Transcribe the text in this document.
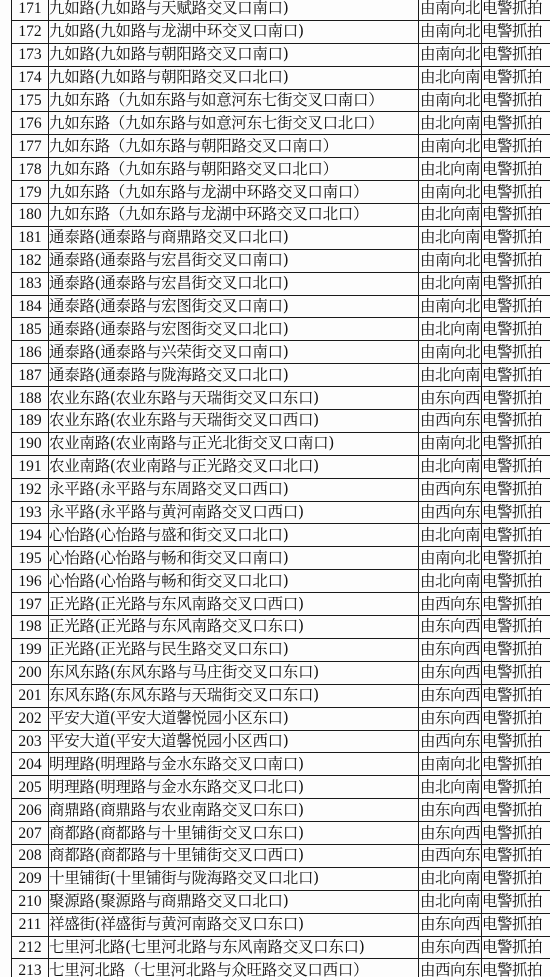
171	九如路(九如路与天赋路交叉口南口)	由南向北	电警抓拍
172	九如路(九如路与龙湖中环交叉口南口)	由南向北	电警抓拍
173	九如路(九如路与朝阳路交叉口南口)	由南向北	电警抓拍
174	九如路(九如路与朝阳路交叉口北口)	由北向南	电警抓拍
175	九如东路（九如东路与如意河东七街交叉口南口）	由南向北	电警抓拍
176	九如东路（九如东路与如意河东七街交叉口北口）	由北向南	电警抓拍
177	九如东路（九如东路与朝阳路交叉口南口）	由南向北	电警抓拍
178	九如东路（九如东路与朝阳路交叉口北口）	由北向南	电警抓拍
179	九如东路（九如东路与龙湖中环路交叉口南口）	由南向北	电警抓拍
180	九如东路（九如东路与龙湖中环路交叉口北口）	由北向南	电警抓拍
181	通泰路(通泰路与商鼎路交叉口北口)	由北向南	电警抓拍
182	通泰路(通泰路与宏昌街交叉口南口)	由南向北	电警抓拍
183	通泰路(通泰路与宏昌街交叉口北口)	由北向南	电警抓拍
184	通泰路(通泰路与宏图街交叉口南口)	由南向北	电警抓拍
185	通泰路(通泰路与宏图街交叉口北口)	由北向南	电警抓拍
186	通泰路(通泰路与兴荣街交叉口南口)	由南向北	电警抓拍
187	通泰路(通泰路与陇海路交叉口北口)	由北向南	电警抓拍
188	农业东路(农业东路与天瑞街交叉口东口)	由东向西	电警抓拍
189	农业东路(农业东路与天瑞街交叉口西口)	由西向东	电警抓拍
190	农业南路(农业南路与正光北街交叉口南口)	由南向北	电警抓拍
191	农业南路(农业南路与正光路交叉口北口)	由北向南	电警抓拍
192	永平路(永平路与东周路交叉口西口)	由西向东	电警抓拍
193	永平路(永平路与黄河南路交叉口西口)	由西向东	电警抓拍
194	心怡路(心怡路与盛和街交叉口北口)	由北向南	电警抓拍
195	心怡路(心怡路与畅和街交叉口南口)	由南向北	电警抓拍
196	心怡路(心怡路与畅和街交叉口北口)	由北向南	电警抓拍
197	正光路(正光路与东风南路交叉口西口)	由西向东	电警抓拍
198	正光路(正光路与东风南路交叉口东口)	由东向西	电警抓拍
199	正光路(正光路与民生路交叉口东口)	由东向西	电警抓拍
200	东风东路(东风东路与马庄街交叉口东口)	由东向西	电警抓拍
201	东风东路(东风东路与天瑞街交叉口东口)	由东向西	电警抓拍
202	平安大道(平安大道馨悦园小区东口)	由东向西	电警抓拍
203	平安大道(平安大道馨悦园小区西口)	由西向东	电警抓拍
204	明理路(明理路与金水东路交叉口南口)	由南向北	电警抓拍
205	明理路(明理路与金水东路交叉口北口)	由北向南	电警抓拍
206	商鼎路(商鼎路与农业南路交叉口东口)	由东向西	电警抓拍
207	商都路(商都路与十里铺街交叉口东口)	由东向西	电警抓拍
208	商都路(商都路与十里铺街交叉口西口)	由西向东	电警抓拍
209	十里铺街(十里铺街与陇海路交叉口北口)	由北向南	电警抓拍
210	聚源路(聚源路与商鼎路交叉口北口)	由北向南	电警抓拍
211	祥盛街(祥盛街与黄河南路交叉口东口)	由东向西	电警抓拍
212	七里河北路(七里河北路与东风南路交叉口东口)	由东向西	电警抓拍
213	七里河北路（七里河北路与众旺路交叉口西口）	由西向东	电警抓拍
